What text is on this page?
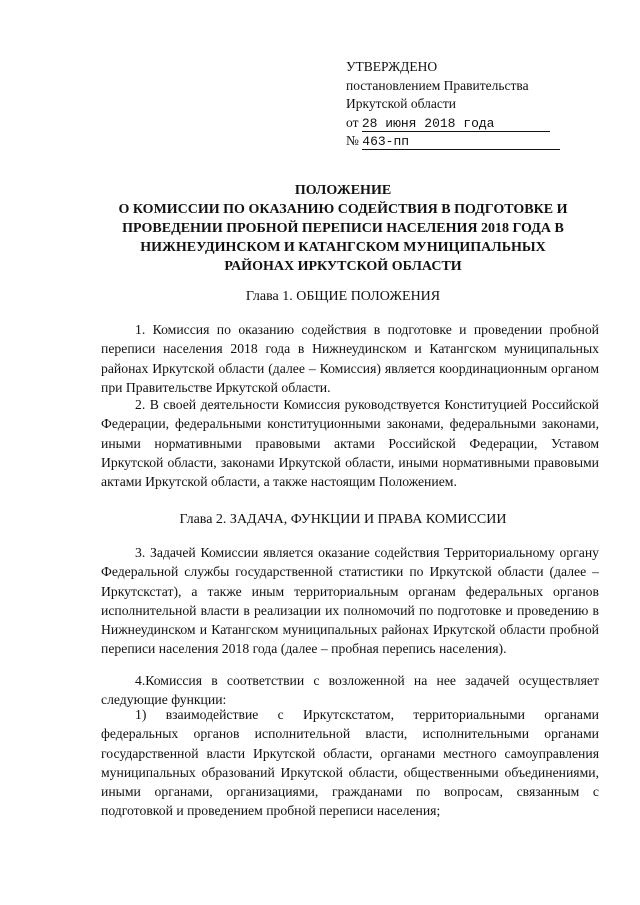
УТВЕРЖДЕНО
постановлением Правительства
Иркутской области
от 28 июня 2018 года
№ 463-пп
ПОЛОЖЕНИЕ
О КОМИССИИ ПО ОКАЗАНИЮ СОДЕЙСТВИЯ В ПОДГОТОВКЕ И
ПРОВЕДЕНИИ ПРОБНОЙ ПЕРЕПИСИ НАСЕЛЕНИЯ 2018 ГОДА В
НИЖНЕУДИНСКОМ И КАТАНГСКОМ МУНИЦИПАЛЬНЫХ
РАЙОНАХ ИРКУТСКОЙ ОБЛАСТИ
Глава 1. ОБЩИЕ ПОЛОЖЕНИЯ
1. Комиссия по оказанию содействия в подготовке и проведении пробной переписи населения 2018 года в Нижнеудинском и Катангском муниципальных районах Иркутской области (далее – Комиссия) является координационным органом при Правительстве Иркутской области.
2. В своей деятельности Комиссия руководствуется Конституцией Российской Федерации, федеральными конституционными законами, федеральными законами, иными нормативными правовыми актами Российской Федерации, Уставом Иркутской области, законами Иркутской области, иными нормативными правовыми актами Иркутской области, а также настоящим Положением.
Глава 2. ЗАДАЧА, ФУНКЦИИ И ПРАВА КОМИССИИ
3. Задачей Комиссии является оказание содействия Территориальному органу Федеральной службы государственной статистики по Иркутской области (далее – Иркутскстат), а также иным территориальным органам федеральных органов исполнительной власти в реализации их полномочий по подготовке и проведению в Нижнеудинском и Катангском муниципальных районах Иркутской области пробной переписи населения 2018 года (далее – пробная перепись населения).
4.Комиссия в соответствии с возложенной на нее задачей осуществляет следующие функции:
1) взаимодействие с Иркутскстатом, территориальными органами федеральных органов исполнительной власти, исполнительными органами государственной власти Иркутской области, органами местного самоуправления муниципальных образований Иркутской области, общественными объединениями, иными органами, организациями, гражданами по вопросам, связанным с подготовкой и проведением пробной переписи населения;
